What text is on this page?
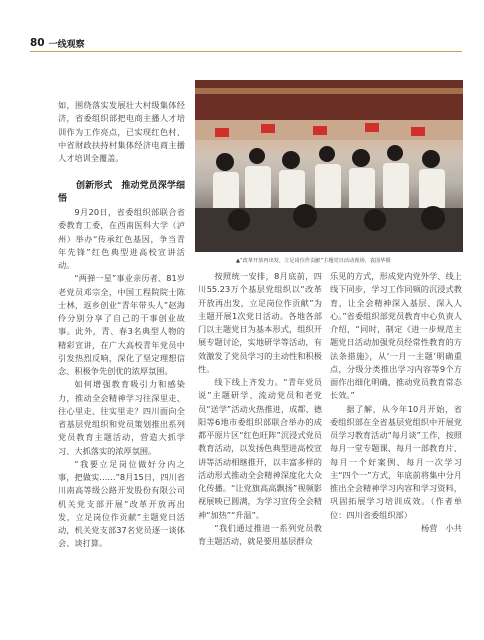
80 一线观察

如，围绕落实发展壮大村级集体经济，省委组织部把电商主播人才培训作为工作亮点，已实现红色村、中省财政扶持村集体经济电商主播人才培训全覆盖。

创新形式　推动党员深学细悟

9月20日，省委组织部联合省委教育工委，在西南医科大学（泸州）举办“传承红色基因，争当青年先锋”红色典型进高校宣讲活动。

“两弹一星”事业亲历者、81岁老党员邓宗全，中国工程院院士陈士林，返乡创业“青年带头人”赵海伶分别分享了自己的干事创业故事。此外，青、春3名典型人物的精彩宣讲，在广大高校青年党员中引发热烈反响，深化了坚定理想信念、积极争先创优的浓厚氛围。

如何增强教育吸引力和感染力，推动全会精神学习往深里走、往心里走、往实里走？四川面向全省基层党组织和党员策划推出系列党员教育主题活动，营造大抓学习、大抓落实的浓厚氛围。

“我要立足岗位做好分内之事，把做实……”8月15日，四川省川南高等级公路开发股份有限公司机关党支部开展“改革开放再出发，立足岗位作贡献”主题党日活动，机关党支部37名党员逐一谈体会、谈打算。

▲“改革开放再出发，立足岗位作贡献”主题党日活动现场，袁国华摄

按照统一安排，8月底前，四川55.23万个基层党组织以“改革开放再出发，立足岗位作贡献”为主题开展1次党日活动。各地各部门以主题党日为基本形式，组织开展专题讨论，实地研学等活动，有效激发了党员学习的主动性和积极性。

线下线上齐发力。“青年党员说”主题研学、流动党员和老党员“送学”活动火热推进，成都、德阳等6地市委组织部联合举办的成都平原片区“红色旺阵”沉浸式党员教育活动，以发扬色典型进高校宣讲等活动相继推开，以丰富多样的活动形式推动全会精神深度化大众化传播。“让党旗高高飘扬”视频影视展映已圆满，为学习宣传全会精神“加热”“升温”。

“我们通过推进一系列党员教育主题活动，就是要用基层群众

乐见的方式，形成党内党外学、线上线下同步，学习工作同频的沉浸式教育，让全会精神深入基层、深入人心。”省委组织部党员教育中心负责人介绍，“同时，制定《进一步规范主题党日活动加强党员经常性教育的方法条措施》，从‘一月一主题’明确重点，分级分类推出学习内容等9个方面作出细化明确，推动党员教育常态长效。”

据了解，从今年10月开始，省委组织部在全省基层党组织中开展党员学习教育活动“每月谈”工作，按照每月一堂专题课、每月一部教育片、每月一个好案例、每月一次学习主“四个一”方式，年底前将集中分月推出全会精神学习内容和学习资料，巩固拓展学习培训成效。（作者单位：四川省委组织部）

杨营　小共
